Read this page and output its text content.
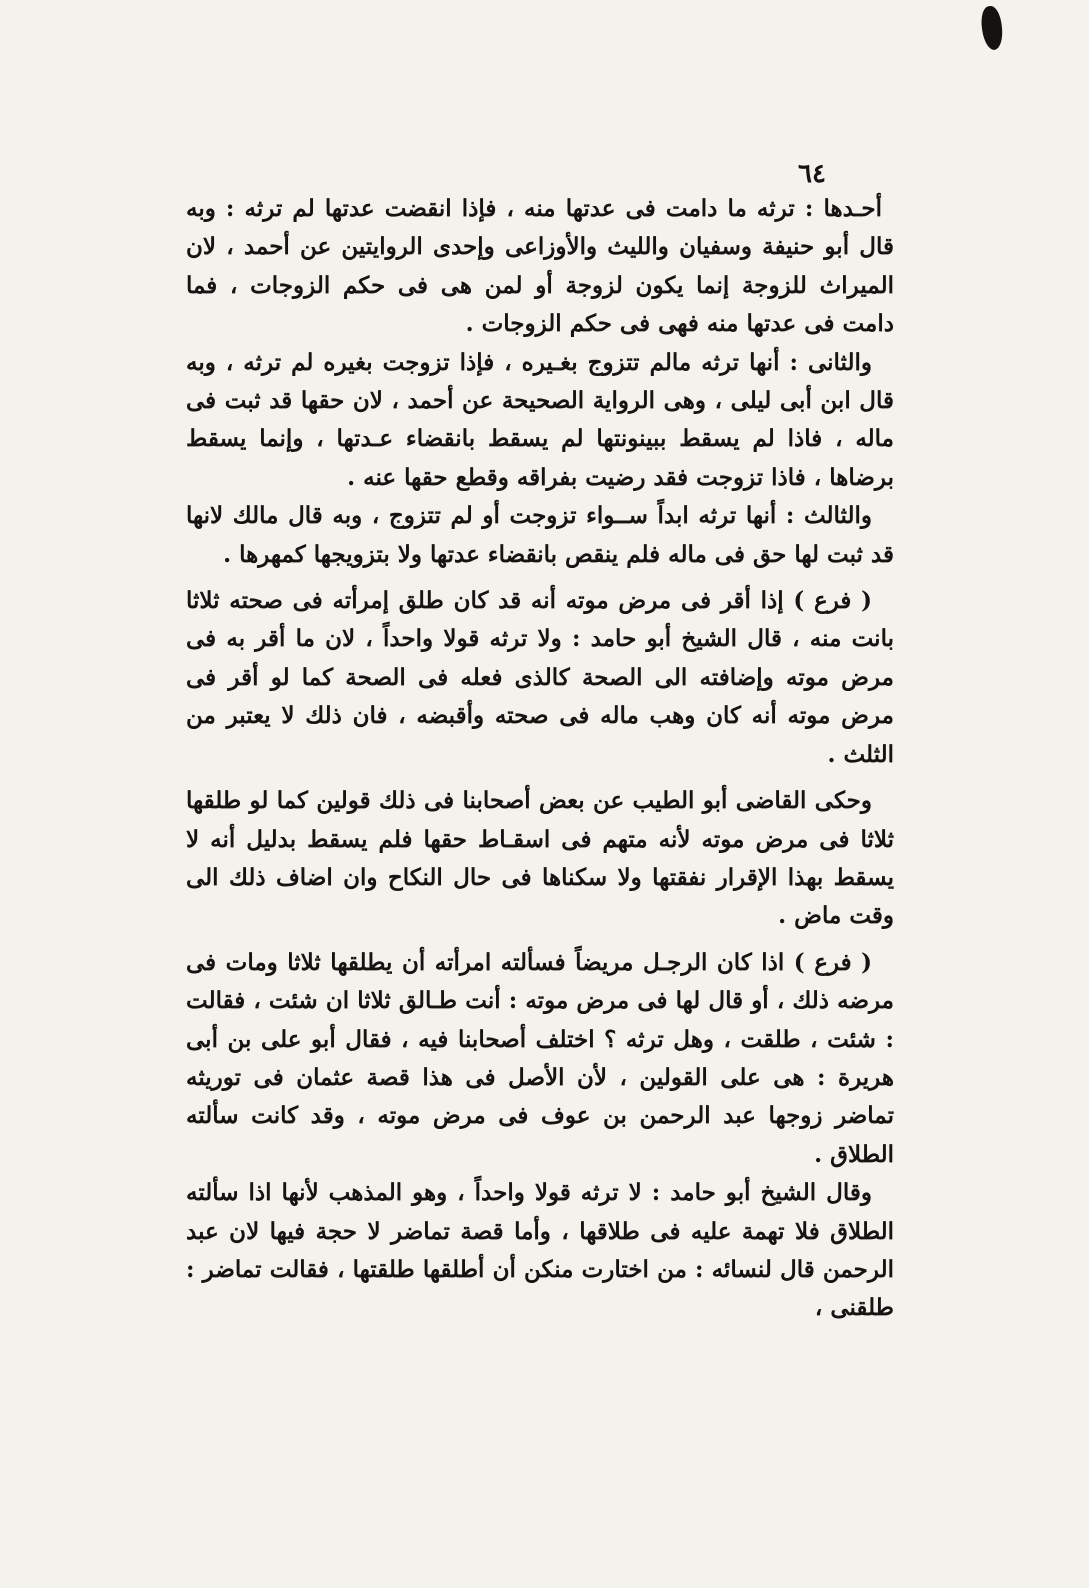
٦٤

أحـدها : ترثه ما دامت فى عدتها منه ، فإذا انقضت عدتها لم ترثه : وبه قال أبو حنيفة وسفيان والليث والأوزاعى وإحدى الروايتين عن أحمد ، لان الميراث للزوجة إنما يكون لزوجة أو لمن هى فى حكم الزوجات ، فما دامت فى عدتها منه فهى فى حكم الزوجات .

والثانى : أنها ترثه مالم تتزوج بغـيره ، فإذا تزوجت بغيره لم ترثه ، وبه قال ابن أبى ليلى ، وهى الرواية الصحيحة عن أحمد ، لان حقها قد ثبت فى ماله ، فاذا لم يسقط ببينونتها لم يسقط بانقضاء عـدتها ، وإنما يسقط برضاها ، فاذا تزوجت فقد رضيت بفراقه وقطع حقها عنه .

والثالث : أنها ترثه ابداً ســواء تزوجت أو لم تتزوج ، وبه قال مالك لانها قد ثبت لها حق فى ماله فلم ينقص بانقضاء عدتها ولا بتزويجها كمهرها .

( فرع ) إذا أقر فى مرض موته أنه قد كان طلق إمرأته فى صحته ثلاثا بانت منه ، قال الشيخ أبو حامد : ولا ترثه قولا واحداً ، لان ما أقر به فى مرض موته وإضافته الى الصحة كالذى فعله فى الصحة كما لو أقر فى مرض موته أنه كان وهب ماله فى صحته وأقبضه ، فان ذلك لا يعتبر من الثلث .

وحكى القاضى أبو الطيب عن بعض أصحابنا فى ذلك قولين كما لو طلقها ثلاثا فى مرض موته لأنه متهم فى اسقـاط حقها فلم يسقط بدليل أنه لا يسقط بهذا الإقرار نفقتها ولا سكناها فى حال النكاح وان اضاف ذلك الى وقت ماض .

( فرع ) اذا كان الرجـل مريضاً فسألته امرأته أن يطلقها ثلاثا ومات فى مرضه ذلك ، أو قال لها فى مرض موته : أنت طـالق ثلاثا ان شئت ، فقالت : شئت ، طلقت ، وهل ترثه ؟ اختلف أصحابنا فيه ، فقال أبو على بن أبى هريرة : هى على القولين ، لأن الأصل فى هذا قصة عثمان فى توريثه تماضر زوجها عبد الرحمن بن عوف فى مرض موته ، وقد كانت سألته الطلاق .

وقال الشيخ أبو حامد : لا ترثه قولا واحداً ، وهو المذهب لأنها اذا سألته الطلاق فلا تهمة عليه فى طلاقها ، وأما قصة تماضر لا حجة فيها لان عبد الرحمن قال لنسائه : من اختارت منكن أن أطلقها طلقتها ، فقالت تماضر : طلقنى ،
